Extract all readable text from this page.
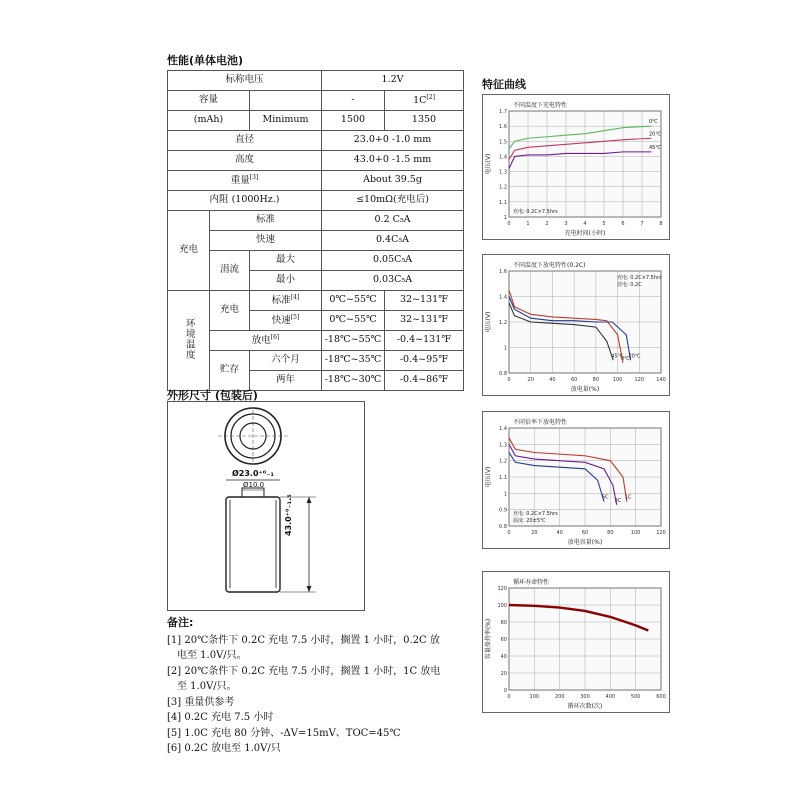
性能(单体电池)
标称电压			1.2V	
容量			-	1C[2]
(mAh)		Minimum	1500	1350
直径			23.0+0 -1.0 mm	
高度			43.0+0 -1.5 mm	
重量[3]			About 39.5g	
内阻 (1000Hz.)			≤10mΩ(充电后)	
充电	标准		0.2 C₅A	
	快速		0.4C₅A	
	涓流	最大	0.05C₅A	
		最小	0.03C₅A	
环境温度	充电	标准[4]	0℃~55℃	32~131℉
		快速[5]	0℃~55℃	32~131℉
	放电[6]		-18℃~55℃	-0.4~131℉
	贮存	六个月	-18℃~35℃	-0.4~95℉
		两年	-18℃~30℃	-0.4~86℉
外形尺寸 (包装后)
Ø23.0⁺⁰₋₁
Ø10.0
43.0⁺⁰₋₁.₅
备注:

[1] 20℃条件下 0.2C 充电 7.5 小时，搁置 1 小时，0.2C 放

电至 1.0V/只。

[2] 20℃条件下 0.2C 充电 7.5 小时，搁置 1 小时，1C 放电

至 1.0V/只。

[3] 重量供参考

[4] 0.2C 充电 7.5 小时

[5] 1.0C 充电 80 分钟、-ΔV=15mV、TOC=45℃

[6] 0.2C 放电至 1.0V/只

特征曲线
0	1	2	3	4	5	6	7	8
1
1.1
1.2
1.3
1.4
1.5
1.6
1.7
0℃
20℃
45℃
不同温度下充电特性
充电时间(小时)
电压(V)
充电: 0.2C×7.5hrs
0	20	40	60	80	100 120 140
0.8
1
1.2
1.4
1.6
0℃
20℃
45℃
不同温度下放电特性(0.2C)
放电量(%)
电压(V)
充电: 0.2C×7.5hrs
放电: 0.2C
0	20	40	60	80	100	120
0.8
0.9
1
1.1
1.2
1.3
1.4
1C
3C
5C
不同倍率下放电特性
放电容量(%)
电压(V)
充电: 0.2C×7.5hrs
温度: 20±5℃
0	100	200	300	400	500	600
0
20
40
60
80
100
120
循环寿命特性
循环次数(次)
容量保持率(%)
